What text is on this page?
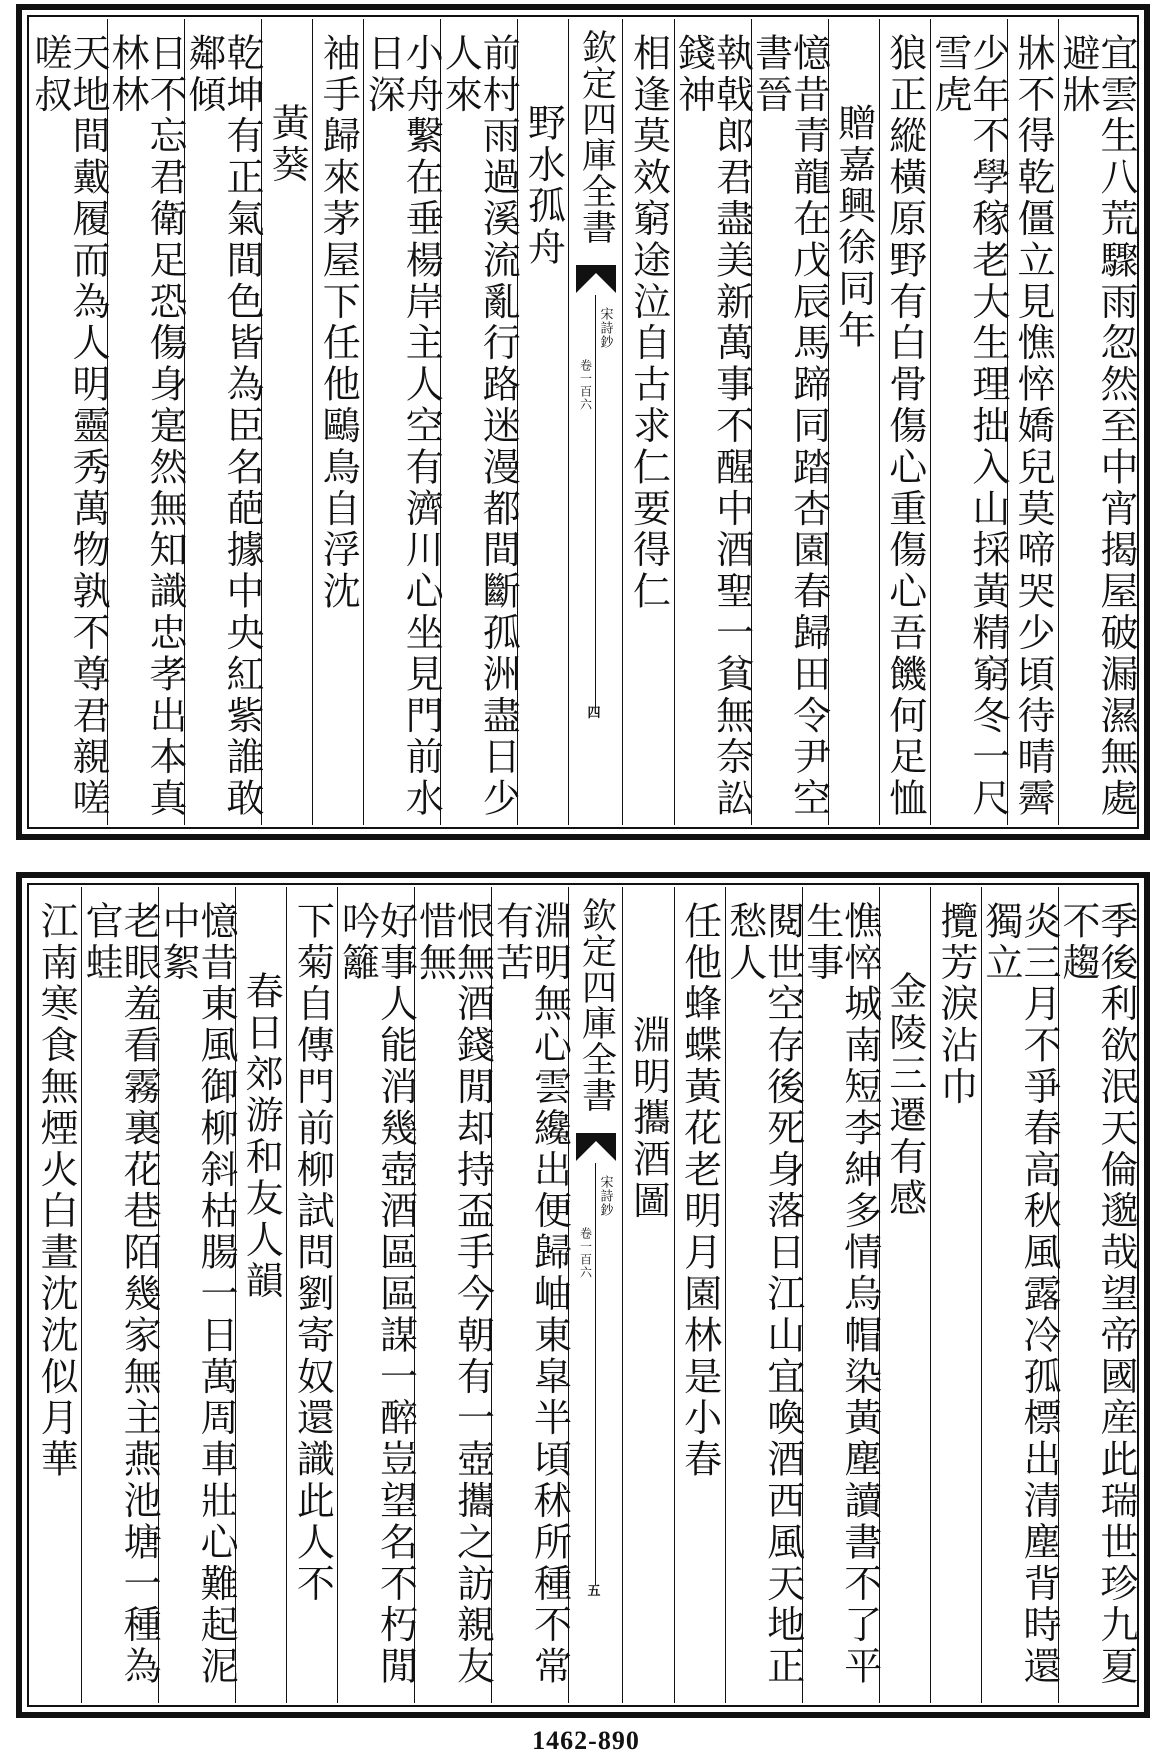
宜雲生八荒驟雨忽然至中宵揭屋破漏濕無處避牀
牀不得乾僵立見憔悴嬌兒莫啼哭少頃待晴霽
少年不學稼老大生理拙入山採黃精窮冬一尺雪虎
狼正縱橫原野有白骨傷心重傷心吾饑何足恤
贈嘉興徐同年
憶昔青龍在戊辰馬蹄同踏杏園春歸田令尹空書晉
執戟郎君盡美新萬事不醒中酒聖一貧無奈訟錢神
相逢莫效窮途泣自古求仁要得仁
欽定四庫全書
宋詩鈔
卷一百六
四
野水孤舟
前村雨過溪流亂行路迷漫都間斷孤洲盡日少人來
小舟繫在垂楊岸主人空有濟川心坐見門前水日深
袖手歸來茅屋下任他鷗鳥自浮沈
黃葵
乾坤有正氣間色皆為臣名葩據中央紅紫誰敢鄰傾
日不忘君衛足恐傷身寔然無知識忠孝出本真林林
天地間戴履而為人明靈秀萬物孰不尊君親嗟嗟叔
季後利欲泯天倫邈哉望帝國産此瑞世珍九夏不趨
炎三月不爭春高秋風露冷孤標出清塵背時還獨立
攬芳淚沾巾
金陵三遷有感
憔悴城南短李紳多情烏帽染黃塵讀書不了平生事
閱世空存後死身落日江山宜喚酒西風天地正愁人
任他蜂蝶黃花老明月園林是小春
淵明攜酒圖
欽定四庫全書
宋詩鈔
卷一百六
五
淵明無心雲纔出便歸岫東皐半頃秫所種不常有苦
恨無酒錢閒却持盃手今朝有一壺攜之訪親友惜無
好事人能消幾壺酒區區謀一醉豈望名不朽閒吟籬
下菊自傳門前柳試問劉寄奴還識此人不
春日郊游和友人韻
憶昔東風御柳斜枯腸一日萬周車壯心難起泥中絮
老眼羞看霧裏花巷陌幾家無主燕池塘一種為官蛙
江南寒食無煙火白晝沈沈似月華
1462-890
